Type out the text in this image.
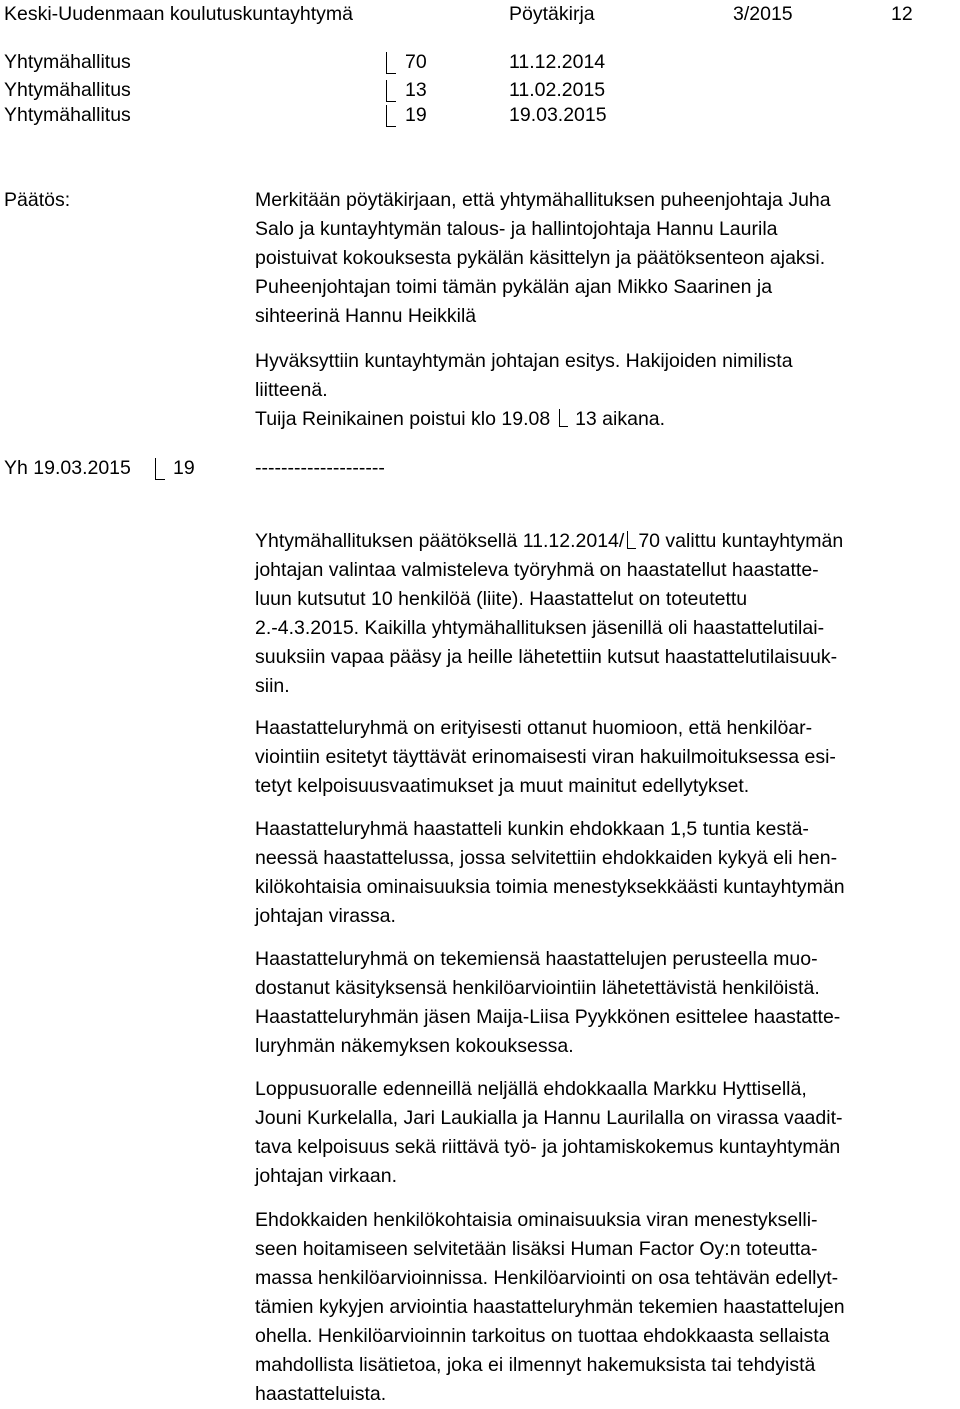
Keski-Uudenmaan koulutuskuntayhtymä	Pöytäkirja	3/2015	12
Yhtymähallitus	70	11.12.2014
Yhtymähallitus	13	11.02.2015
Yhtymähallitus	19	19.03.2015
Päätös:	Merkitään pöytäkirjaan, että yhtymähallituksen puheenjohtaja Juha

Salo ja kuntayhtymän talous- ja hallintojohtaja Hannu Laurila

poistuivat kokouksesta pykälän käsittelyn ja päätöksenteon ajaksi.

Puheenjohtajan toimi tämän pykälän ajan Mikko Saarinen ja

sihteerinä Hannu Heikkilä

Hyväksyttiin kuntayhtymän johtajan esitys. Hakijoiden nimilista

liitteenä.

Tuija Reinikainen poistui klo 19.08 13 aikana.

Yh 19.03.2015 19	--------------------

Yhtymähallituksen päätöksellä 11.12.2014/ 70 valittu kuntayhtymän

johtajan valintaa valmisteleva työryhmä on haastatellut haastatte-

luun kutsutut 10 henkilöä (liite). Haastattelut on toteutettu

2.-4.3.2015. Kaikilla yhtymähallituksen jäsenillä oli haastattelutilai-

suuksiin vapaa pääsy ja heille lähetettiin kutsut haastattelutilaisuuk-

siin.

Haastatteluryhmä on erityisesti ottanut huomioon, että henkilöar-

viointiin esitetyt täyttävät erinomaisesti viran hakuilmoituksessa esi-

tetyt kelpoisuusvaatimukset ja muut mainitut edellytykset.

Haastatteluryhmä haastatteli kunkin ehdokkaan 1,5 tuntia kestä-

neessä haastattelussa, jossa selvitettiin ehdokkaiden kykyä eli hen-

kilökohtaisia ominaisuuksia toimia menestyksekkäästi kuntayhtymän

johtajan virassa.

Haastatteluryhmä on tekemiensä haastattelujen perusteella muo-

dostanut käsityksensä henkilöarviointiin lähetettävistä henkilöistä.

Haastatteluryhmän jäsen Maija-Liisa Pyykkönen esittelee haastatte-

luryhmän näkemyksen kokouksessa.

Loppusuoralle edenneillä neljällä ehdokkaalla Markku Hyttisellä,

Jouni Kurkelalla, Jari Laukialla ja Hannu Laurilalla on virassa vaadit-

tava kelpoisuus sekä riittävä työ- ja johtamiskokemus kuntayhtymän

johtajan virkaan.

Ehdokkaiden henkilökohtaisia ominaisuuksia viran menestykselli-

seen hoitamiseen selvitetään lisäksi Human Factor Oy:n toteutta-

massa henkilöarvioinnissa. Henkilöarviointi on osa tehtävän edellyt-

tämien kykyjen arviointia haastatteluryhmän tekemien haastattelujen

ohella. Henkilöarvioinnin tarkoitus on tuottaa ehdokkaasta sellaista

mahdollista lisätietoa, joka ei ilmennyt hakemuksista tai tehdyistä

haastatteluista.
